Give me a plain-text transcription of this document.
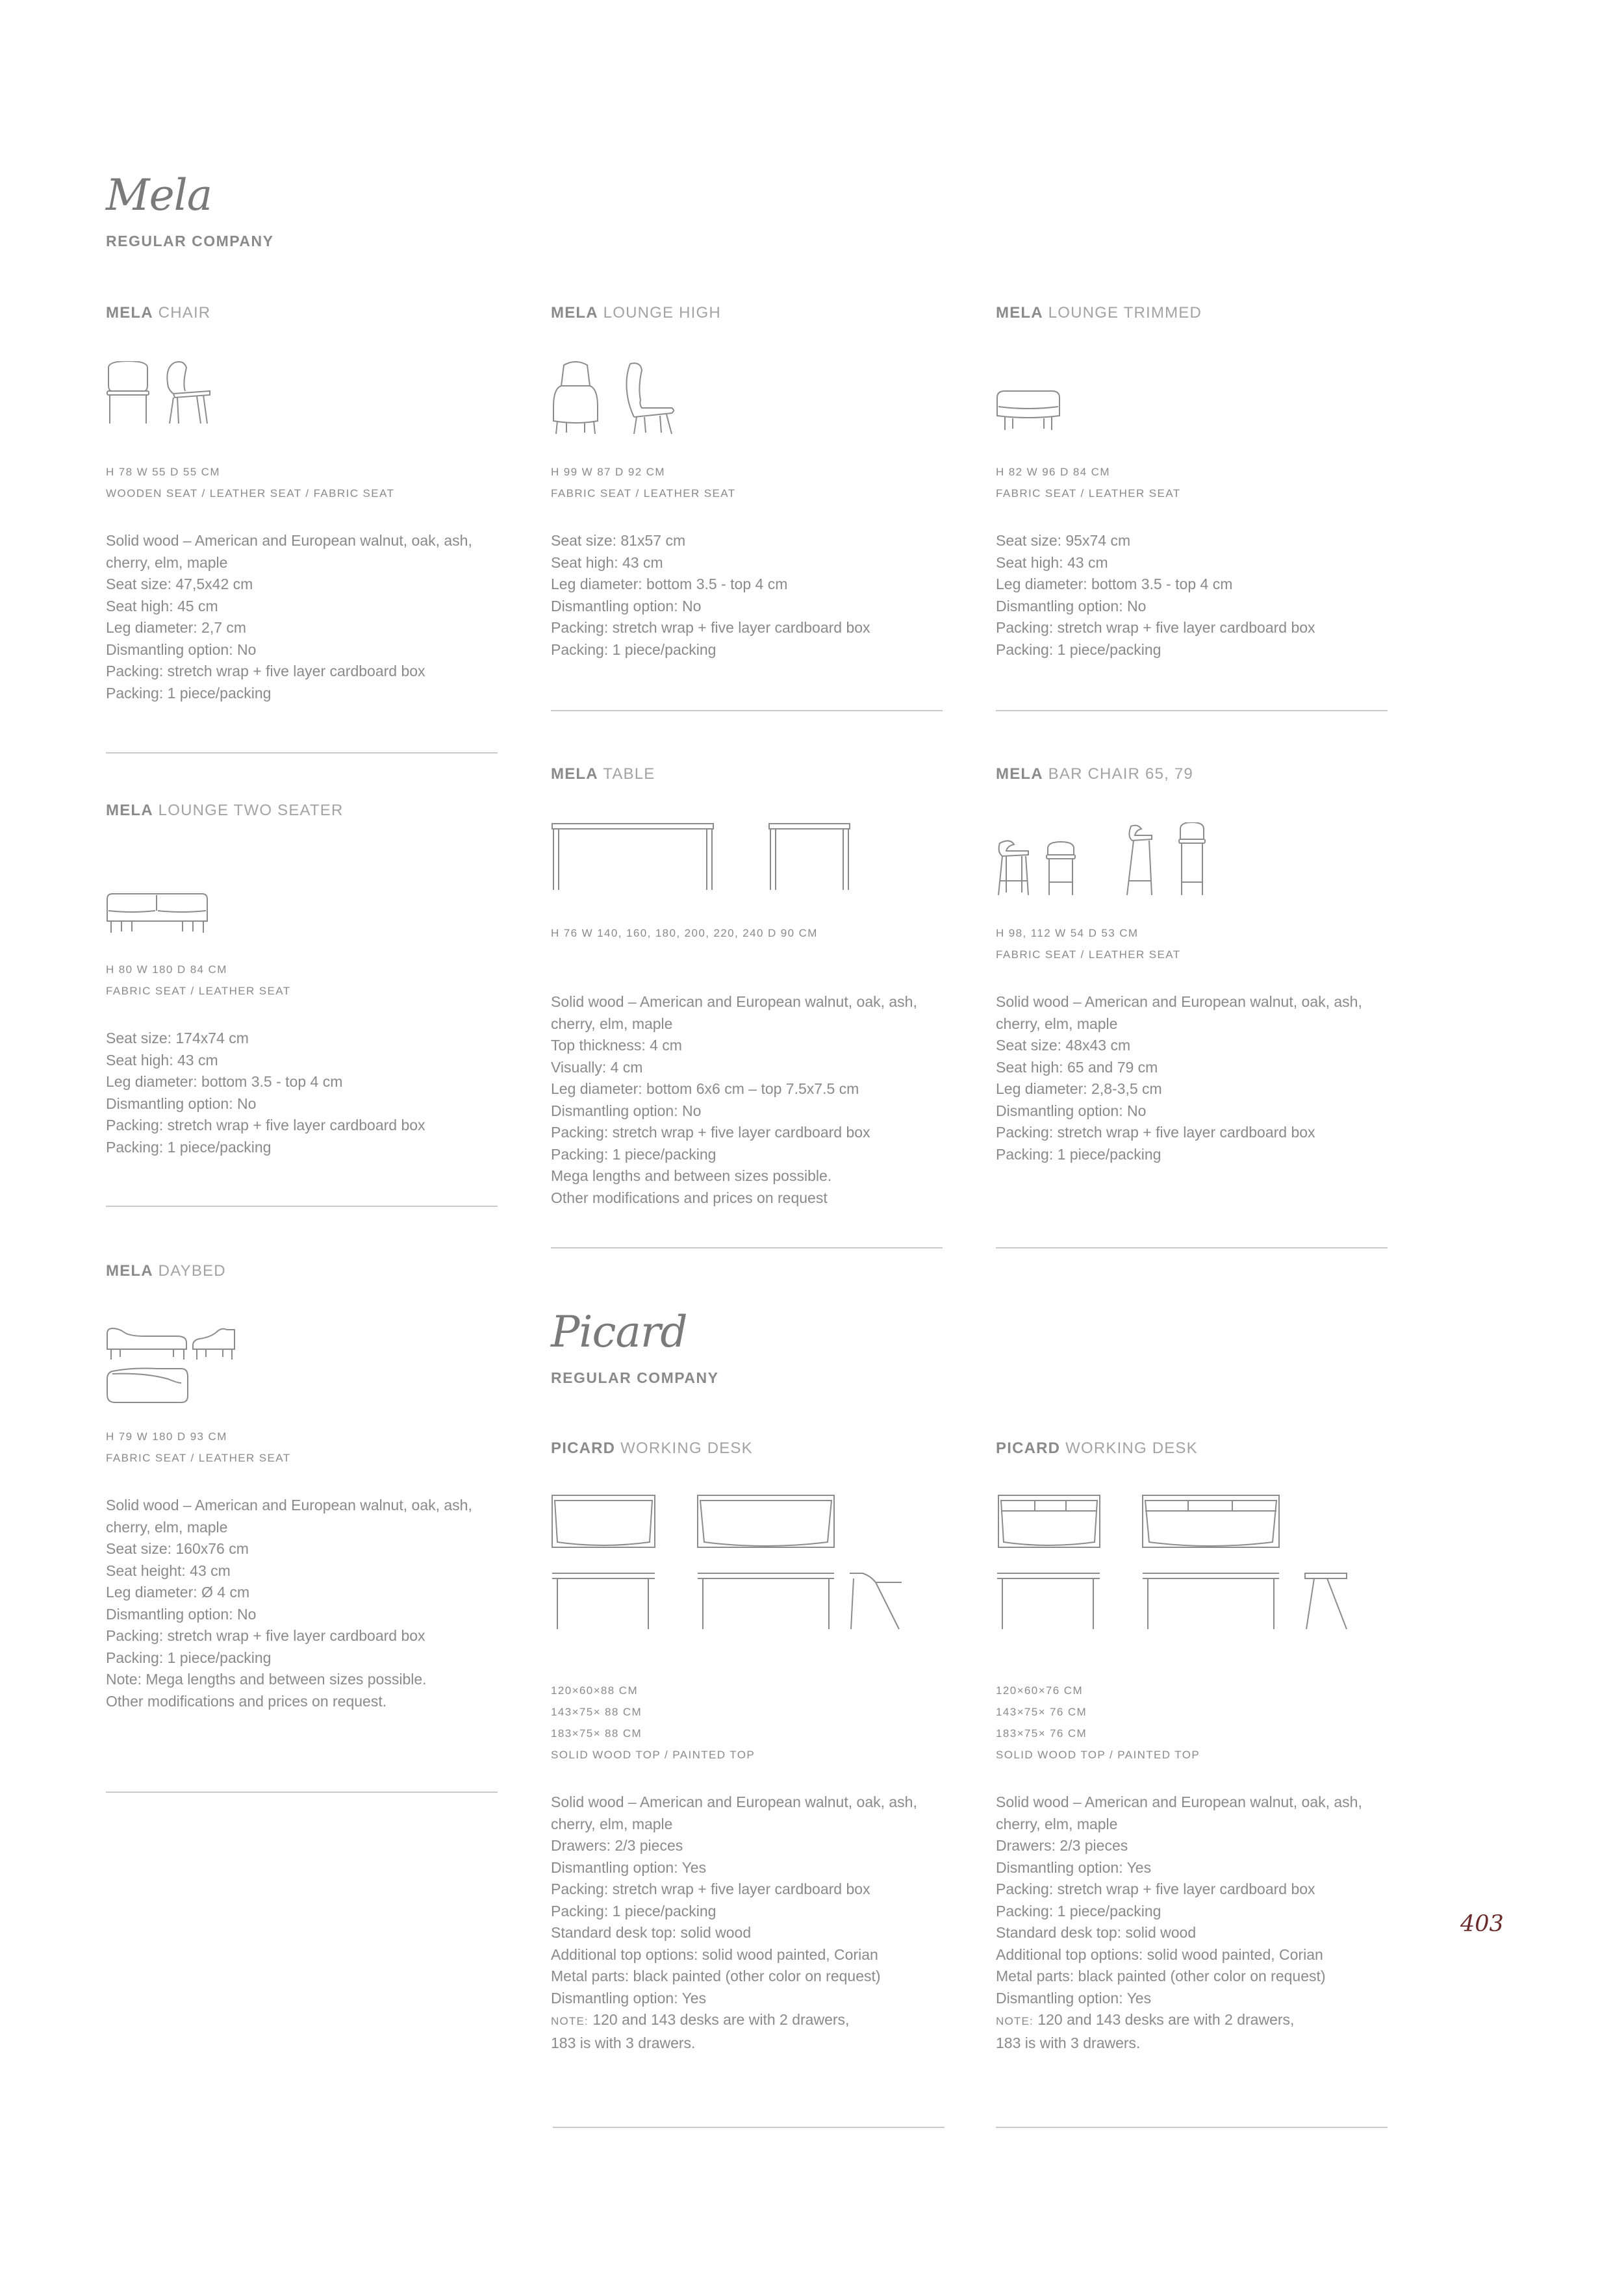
Mela
REGULAR COMPANY
MELA CHAIR
H 78 W 55 D 55 CM
WOODEN SEAT / LEATHER SEAT / FABRIC SEAT
Solid wood – American and European walnut, oak, ash,
cherry, elm, maple
Seat size: 47,5x42 cm
Seat high: 45 cm
Leg diameter: 2,7 cm
Dismantling option: No
Packing: stretch wrap + five layer cardboard box
Packing: 1 piece/packing
MELA LOUNGE HIGH
H 99 W 87 D 92 CM
FABRIC SEAT / LEATHER SEAT
Seat size: 81x57 cm
Seat high: 43 cm
Leg diameter: bottom 3.5 - top 4 cm
Dismantling option: No
Packing: stretch wrap + five layer cardboard box
Packing: 1 piece/packing
MELA LOUNGE TRIMMED
H 82 W 96 D 84 CM
FABRIC SEAT / LEATHER SEAT
Seat size: 95x74 cm
Seat high: 43 cm
Leg diameter: bottom 3.5 - top 4 cm
Dismantling option: No
Packing: stretch wrap + five layer cardboard box
Packing: 1 piece/packing
MELA LOUNGE TWO SEATER
H 80 W 180 D 84 CM
FABRIC SEAT / LEATHER SEAT
Seat size: 174x74 cm
Seat high: 43 cm
Leg diameter: bottom 3.5 - top 4 cm
Dismantling option: No
Packing: stretch wrap + five layer cardboard box
Packing: 1 piece/packing
MELA TABLE
H 76 W 140, 160, 180, 200, 220, 240 D 90 CM
Solid wood – American and European walnut, oak, ash,
cherry, elm, maple
Top thickness: 4 cm
Visually: 4 cm
Leg diameter: bottom 6x6 cm – top 7.5x7.5 cm
Dismantling option: No
Packing: stretch wrap + five layer cardboard box
Packing: 1 piece/packing
Mega lengths and between sizes possible.
Other modifications and prices on request
MELA BAR CHAIR 65, 79
H 98, 112 W 54 D 53 CM
FABRIC SEAT / LEATHER SEAT
Solid wood – American and European walnut, oak, ash,
cherry, elm, maple
Seat size: 48x43 cm
Seat high: 65 and 79 cm
Leg diameter: 2,8-3,5 cm
Dismantling option: No
Packing: stretch wrap + five layer cardboard box
Packing: 1 piece/packing
MELA DAYBED
H 79 W 180 D 93 CM
FABRIC SEAT / LEATHER SEAT
Solid wood – American and European walnut, oak, ash,
cherry, elm, maple
Seat size: 160x76 cm
Seat height: 43 cm
Leg diameter: Ø 4 cm
Dismantling option: No
Packing: stretch wrap + five layer cardboard box
Packing: 1 piece/packing
Note: Mega lengths and between sizes possible.
Other modifications and prices on request.
Picard
REGULAR COMPANY
PICARD WORKING DESK
120×60×88 CM
143×75× 88 CM
183×75× 88 CM
SOLID WOOD TOP / PAINTED TOP
Solid wood – American and European walnut, oak, ash,
cherry, elm, maple
Drawers: 2/3 pieces
Dismantling option: Yes
Packing: stretch wrap + five layer cardboard box
Packing: 1 piece/packing
Standard desk top: solid wood
Additional top options: solid wood painted, Corian
Metal parts: black painted (other color on request)
Dismantling option: Yes
NOTE: 120 and 143 desks are with 2 drawers,
183 is with 3 drawers.
PICARD WORKING DESK
120×60×76 CM
143×75× 76 CM
183×75× 76 CM
SOLID WOOD TOP / PAINTED TOP
Solid wood – American and European walnut, oak, ash,
cherry, elm, maple
Drawers: 2/3 pieces
Dismantling option: Yes
Packing: stretch wrap + five layer cardboard box
Packing: 1 piece/packing
Standard desk top: solid wood
Additional top options: solid wood painted, Corian
Metal parts: black painted (other color on request)
Dismantling option: Yes
NOTE: 120 and 143 desks are with 2 drawers,
183 is with 3 drawers.
403
